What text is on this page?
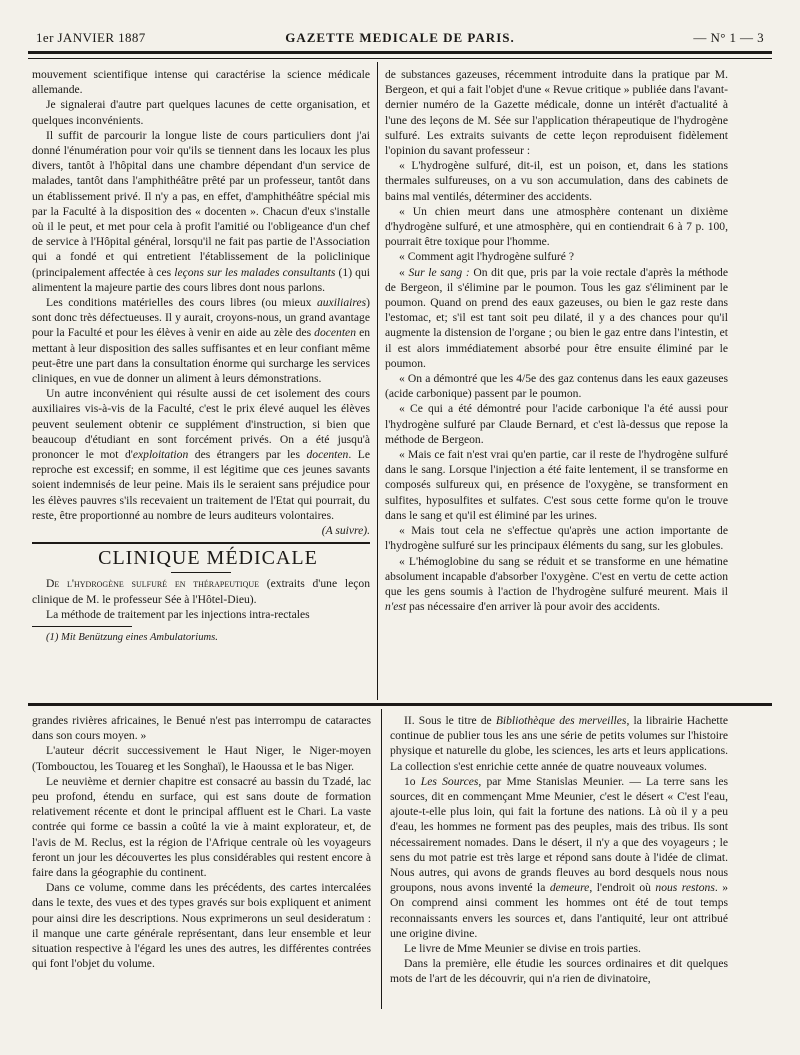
1er JANVIER 1887	GAZETTE MEDICALE DE PARIS.	— N° 1 — 3

mouvement scientifique intense qui caractérise la science médicale allemande.

Je signalerai d'autre part quelques lacunes de cette organisation, et quelques inconvénients.

Il suffit de parcourir la longue liste de cours particuliers dont j'ai donné l'énumération pour voir qu'ils se tiennent dans les locaux les plus divers, tantôt à l'hôpital dans une chambre dépendant d'un service de malades, tantôt dans l'amphithéâtre prêté par un professeur, tantôt dans un établissement privé. Il n'y a pas, en effet, d'amphithéâtre spécial mis par la Faculté à la disposition des « docenten ». Chacun d'eux s'installe où il le peut, et met pour cela à profit l'amitié ou l'obligeance d'un chef de service à l'Hôpital général, lorsqu'il ne fait pas partie de l'Association qui a fondé et qui entretient l'établissement de la policlinique (principalement affectée à ces leçons sur les malades consultants (1) qui alimentent la majeure partie des cours libres dont nous parlons.

Les conditions matérielles des cours libres (ou mieux auxiliaires) sont donc très défectueuses. Il y aurait, croyons-nous, un grand avantage pour la Faculté et pour les élèves à venir en aide au zèle des docenten en mettant à leur disposition des salles suffisantes et en leur confiant même peut-être une part dans la consultation énorme qui surcharge les services cliniques, en vue de donner un aliment à leurs démonstrations.

Un autre inconvénient qui résulte aussi de cet isolement des cours auxiliaires vis-à-vis de la Faculté, c'est le prix élevé auquel les élèves peuvent seulement obtenir ce supplément d'instruction, si bien que beaucoup d'étudiant en sont forcément privés. On a été jusqu'à prononcer le mot d'exploitation des étrangers par les docenten. Le reproche est excessif; en somme, il est légitime que ces jeunes savants soient indemnisés de leur peine. Mais ils le seraient sans préjudice pour les élèves pauvres s'ils recevaient un traitement de l'Etat qui pourrait, du reste, être proportionné au nombre de leurs auditeurs volontaires.
(A suivre).

CLINIQUE MÉDICALE

De l'hydrogène sulfuré en thérapeutique (extraits d'une leçon clinique de M. le professeur Sée à l'Hôtel-Dieu).

La méthode de traitement par les injections intra-rectales

(1) Mit Benützung eines Ambulatoriums.

de substances gazeuses, récemment introduite dans la pratique par M. Bergeon, et qui a fait l'objet d'une « Revue critique » publiée dans l'avant-dernier numéro de la Gazette médicale, donne un intérêt d'actualité à l'une des leçons de M. Sée sur l'application thérapeutique de l'hydrogène sulfuré. Les extraits suivants de cette leçon reproduisent fidèlement l'opinion du savant professeur :

« L'hydrogène sulfuré, dit-il, est un poison, et, dans les stations thermales sulfureuses, on a vu son accumulation, dans des cabinets de bains mal ventilés, déterminer des accidents.

« Un chien meurt dans une atmosphère contenant un dixième d'hydrogène sulfuré, et une atmosphère, qui en contiendrait 6 à 7 p. 100, pourrait être toxique pour l'homme.

« Comment agit l'hydrogène sulfuré ?

« Sur le sang : On dit que, pris par la voie rectale d'après la méthode de Bergeon, il s'élimine par le poumon. Tous les gaz s'éliminent par le poumon. Quand on prend des eaux gazeuses, ou bien le gaz reste dans l'estomac, et; s'il est tant soit peu dilaté, il y a des chances pour qu'il augmente la distension de l'organe ; ou bien le gaz entre dans l'intestin, et il est alors immédiatement absorbé pour être ensuite éliminé par le poumon.

« On a démontré que les 4/5e des gaz contenus dans les eaux gazeuses (acide carbonique) passent par le poumon.

« Ce qui a été démontré pour l'acide carbonique l'a été aussi pour l'hydrogène sulfuré par Claude Bernard, et c'est là-dessus que repose la méthode de Bergeon.

« Mais ce fait n'est vrai qu'en partie, car il reste de l'hydrogène sulfuré dans le sang. Lorsque l'injection a été faite lentement, il se transforme en composés sulfureux qui, en présence de l'oxygène, se transforment en sulfites, hyposulfites et sulfates. C'est sous cette forme qu'on le trouve dans le sang et qu'il est éliminé par les urines.

« Mais tout cela ne s'effectue qu'après une action importante de l'hydrogène sulfuré sur les principaux éléments du sang, sur les globules.

« L'hémoglobine du sang se réduit et se transforme en une hématine absolument incapable d'absorber l'oxygène. C'est en vertu de cette action que les gens soumis à l'action de l'hydrogène sulfuré meurent. Mais il n'est pas nécessaire d'en arriver là pour avoir des accidents.

grandes rivières africaines, le Benué n'est pas interrompu de cataractes dans son cours moyen. »

L'auteur décrit successivement le Haut Niger, le Niger-moyen (Tombouctou, les Touareg et les Songhaï), le Haoussa et le bas Niger.

Le neuvième et dernier chapitre est consacré au bassin du Tzadé, lac peu profond, étendu en surface, qui est sans doute de formation relativement récente et dont le principal affluent est le Chari. La vaste contrée qui forme ce bassin a coûté la vie à maint explorateur, et, de l'avis de M. Reclus, est la région de l'Afrique centrale où les voyageurs feront un jour les découvertes les plus considérables qui restent encore à faire dans la géographie du continent.

Dans ce volume, comme dans les précédents, des cartes intercalées dans le texte, des vues et des types gravés sur bois expliquent et animent pour ainsi dire les descriptions. Nous exprimerons un seul desideratum : il manque une carte générale représentant, dans leur ensemble et leur situation respective à l'égard les unes des autres, les différentes contrées qui font l'objet du volume.

II. Sous le titre de Bibliothèque des merveilles, la librairie Hachette continue de publier tous les ans une série de petits volumes sur l'histoire physique et naturelle du globe, les sciences, les arts et leurs applications. La collection s'est enrichie cette année de quatre nouveaux volumes.

1o Les Sources, par Mme Stanislas Meunier. — La terre sans les sources, dit en commençant Mme Meunier, c'est le désert « C'est l'eau, ajoute-t-elle plus loin, qui fait la fortune des nations. Là où il y a peu d'eau, les hommes ne forment pas des peuples, mais des tribus. Ils sont nécessairement nomades. Dans le désert, il n'y a que des voyageurs ; le sens du mot patrie est très large et répond sans doute à l'idée de climat. Nous autres, qui avons de grands fleuves au bord desquels nous nous groupons, nous avons inventé la demeure, l'endroit où nous restons. » On comprend ainsi comment les hommes ont été de tout temps reconnaissants envers les sources et, dans l'antiquité, leur ont attribué une origine divine.

Le livre de Mme Meunier se divise en trois parties.

Dans la première, elle étudie les sources ordinaires et dit quelques mots de l'art de les découvrir, qui n'a rien de divinatoire,
